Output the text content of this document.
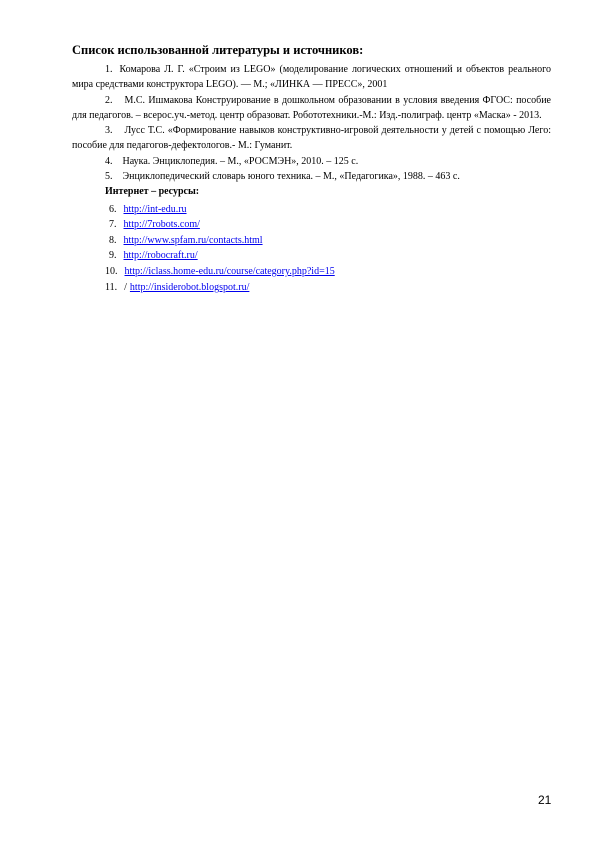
Список использованной литературы и источников:

1. Комарова Л. Г. «Строим из LEGO» (моделирование логических отношений и объектов реального мира средствами конструктора LEGO). — М.; «ЛИНКА — ПРЕСС», 2001

2. М.С. Ишмакова Конструирование в дошкольном образовании в условия введения ФГОС: пособие для педагогов. – всерос.уч.-метод. центр образоват. Робототехники.-М.: Изд.-полиграф. центр «Маска» - 2013.

3. Лусс Т.С. «Формирование навыков конструктивно-игровой деятельности у детей с помощью Лего: пособие для педагогов-дефектологов.- М.: Гуманит.

4. Наука. Энциклопедия. – М., «РОСМЭН», 2010. – 125 с.

5. Энциклопедический словарь юного техника. – М., «Педагогика», 1988. – 463 с.

Интернет – ресурсы:

6. http://int-edu.ru
7. http://7robots.com/
8. http://www.spfam.ru/contacts.html
9. http://robocraft.ru/
10. http://iclass.home-edu.ru/course/category.php?id=15
11. / http://insiderobot.blogspot.ru/
21
